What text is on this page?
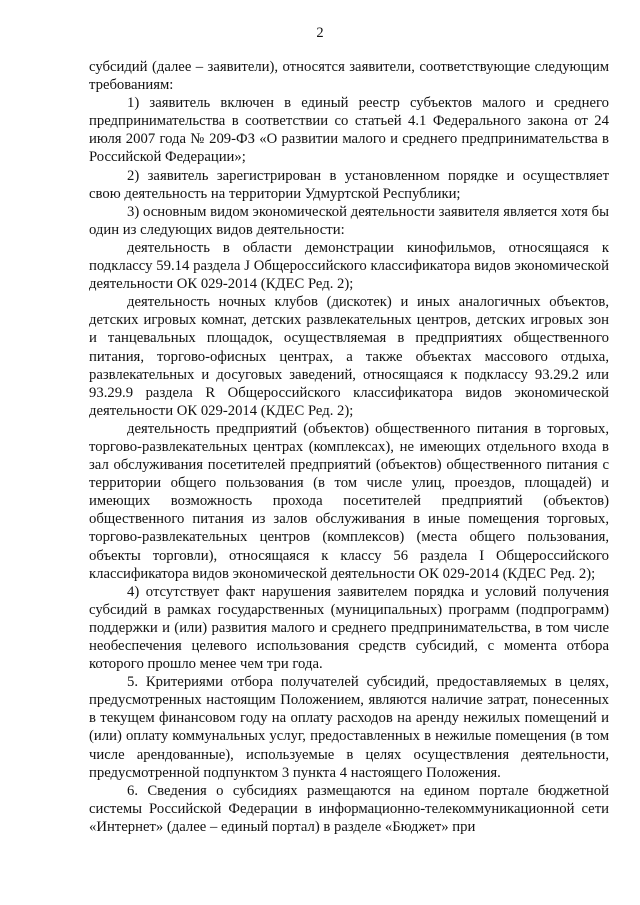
2

субсидий (далее – заявители), относятся заявители, соответствующие следующим требованиям:

1) заявитель включен в единый реестр субъектов малого и среднего предпринимательства в соответствии со статьей 4.1 Федерального закона от 24 июля 2007 года № 209-ФЗ «О развитии малого и среднего предпринимательства в Российской Федерации»;

2) заявитель зарегистрирован в установленном порядке и осуществляет свою деятельность на территории Удмуртской Республики;

3) основным видом экономической деятельности заявителя является хотя бы один из следующих видов деятельности:

деятельность в области демонстрации кинофильмов, относящаяся к подклассу 59.14 раздела J Общероссийского классификатора видов экономической деятельности ОК 029-2014 (КДЕС Ред. 2);

деятельность ночных клубов (дискотек) и иных аналогичных объектов, детских игровых комнат, детских развлекательных центров, детских игровых зон и танцевальных площадок, осуществляемая в предприятиях общественного питания, торгово-офисных центрах, а также объектах массового отдыха, развлекательных и досуговых заведений, относящаяся к подклассу 93.29.2 или 93.29.9 раздела R Общероссийского классификатора видов экономической деятельности ОК 029-2014 (КДЕС Ред. 2);

деятельность предприятий (объектов) общественного питания в торговых, торгово-развлекательных центрах (комплексах), не имеющих отдельного входа в зал обслуживания посетителей предприятий (объектов) общественного питания с территории общего пользования (в том числе улиц, проездов, площадей) и имеющих возможность прохода посетителей предприятий (объектов) общественного питания из залов обслуживания в иные помещения торговых, торгово-развлекательных центров (комплексов) (места общего пользования, объекты торговли), относящаяся к классу 56 раздела I Общероссийского классификатора видов экономической деятельности ОК 029-2014 (КДЕС Ред. 2);

4) отсутствует факт нарушения заявителем порядка и условий получения субсидий в рамках государственных (муниципальных) программ (подпрограмм) поддержки и (или) развития малого и среднего предпринимательства, в том числе необеспечения целевого использования средств субсидий, с момента отбора которого прошло менее чем три года.

5. Критериями отбора получателей субсидий, предоставляемых в целях, предусмотренных настоящим Положением, являются наличие затрат, понесенных в текущем финансовом году на оплату расходов на аренду нежилых помещений и (или) оплату коммунальных услуг, предоставленных в нежилые помещения (в том числе арендованные), используемые в целях осуществления деятельности, предусмотренной подпунктом 3 пункта 4 настоящего Положения.

6. Сведения о субсидиях размещаются на едином портале бюджетной системы Российской Федерации в информационно-телекоммуникационной сети «Интернет» (далее – единый портал) в разделе «Бюджет» при
